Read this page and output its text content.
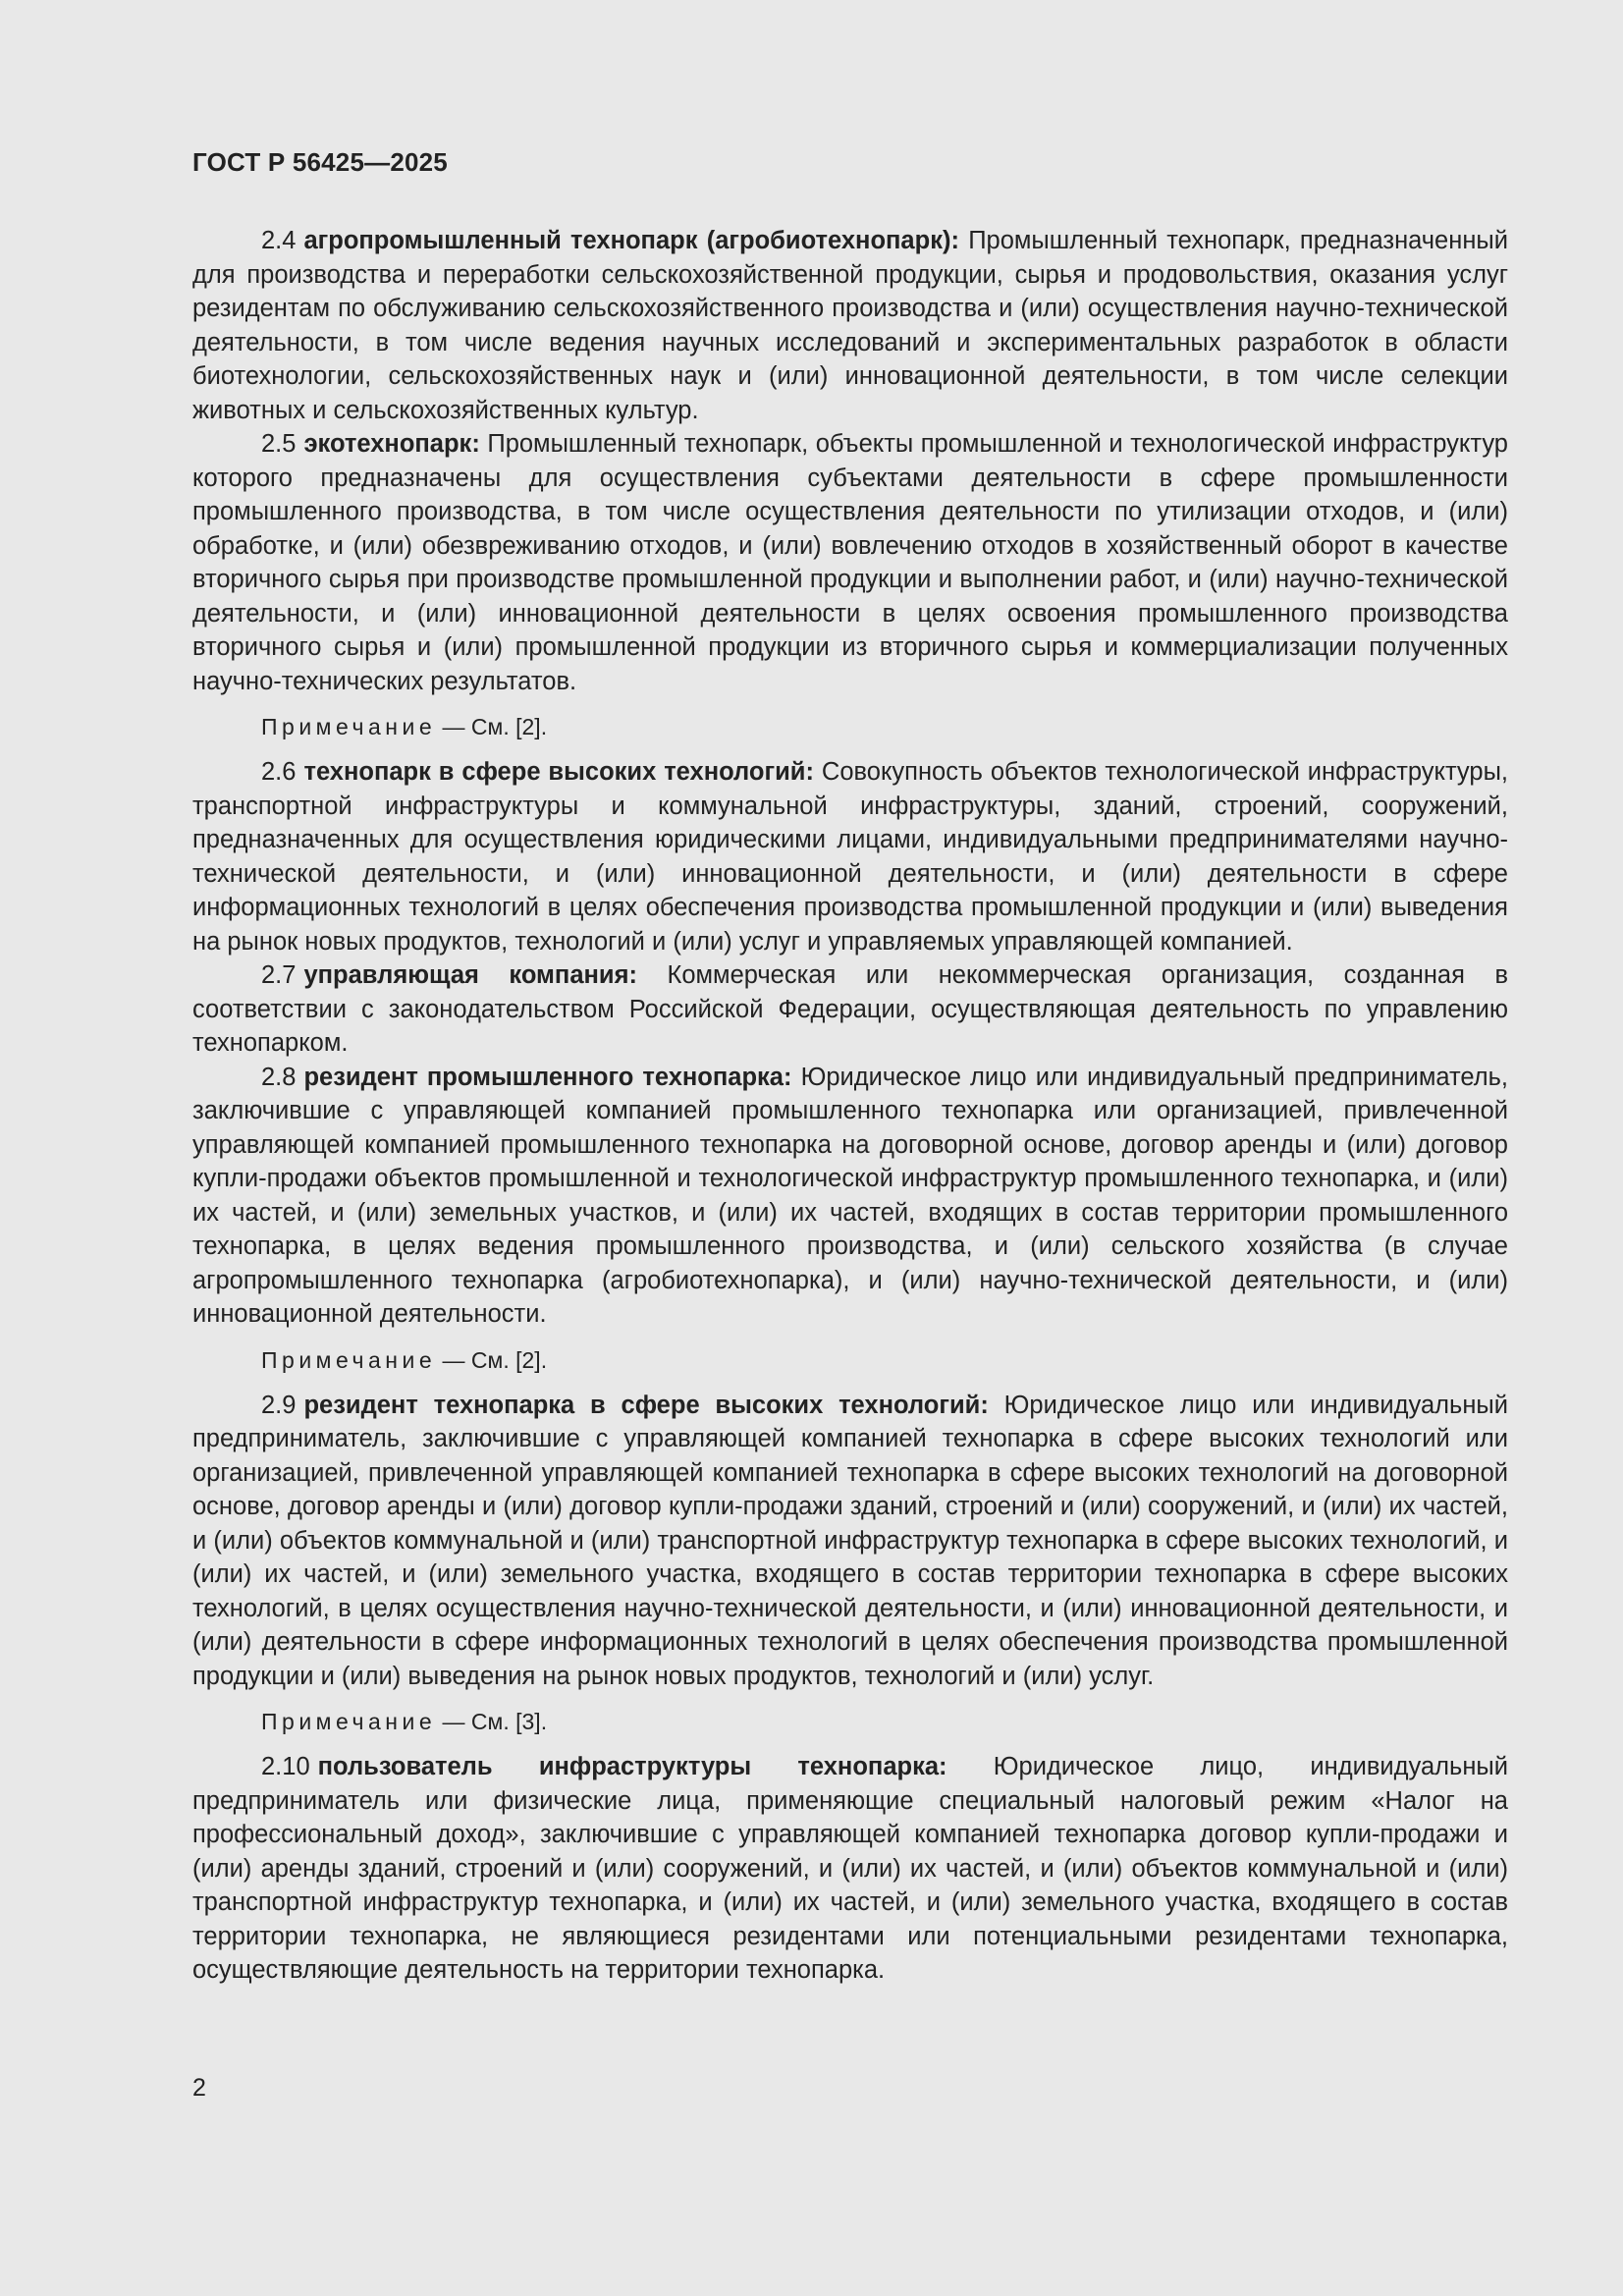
ГОСТ Р 56425—2025

2.4 агропромышленный технопарк (агробиотехнопарк): Промышленный технопарк, предназначенный для производства и переработки сельскохозяйственной продукции, сырья и продовольствия, оказания услуг резидентам по обслуживанию сельскохозяйственного производства и (или) осуществления научно-технической деятельности, в том числе ведения научных исследований и экспериментальных разработок в области биотехнологии, сельскохозяйственных наук и (или) инновационной деятельности, в том числе селекции животных и сельскохозяйственных культур.

2.5 экотехнопарк: Промышленный технопарк, объекты промышленной и технологической инфраструктур которого предназначены для осуществления субъектами деятельности в сфере промышленности промышленного производства, в том числе осуществления деятельности по утилизации отходов, и (или) обработке, и (или) обезвреживанию отходов, и (или) вовлечению отходов в хозяйственный оборот в качестве вторичного сырья при производстве промышленной продукции и выполнении работ, и (или) научно-технической деятельности, и (или) инновационной деятельности в целях освоения промышленного производства вторичного сырья и (или) промышленной продукции из вторичного сырья и коммерциализации полученных научно-технических результатов.

Примечание — См. [2].

2.6 технопарк в сфере высоких технологий: Совокупность объектов технологической инфраструктуры, транспортной инфраструктуры и коммунальной инфраструктуры, зданий, строений, сооружений, предназначенных для осуществления юридическими лицами, индивидуальными предпринимателями научно-технической деятельности, и (или) инновационной деятельности, и (или) деятельности в сфере информационных технологий в целях обеспечения производства промышленной продукции и (или) выведения на рынок новых продуктов, технологий и (или) услуг и управляемых управляющей компанией.

2.7 управляющая компания: Коммерческая или некоммерческая организация, созданная в соответствии с законодательством Российской Федерации, осуществляющая деятельность по управлению технопарком.

2.8 резидент промышленного технопарка: Юридическое лицо или индивидуальный предприниматель, заключившие с управляющей компанией промышленного технопарка или организацией, привлеченной управляющей компанией промышленного технопарка на договорной основе, договор аренды и (или) договор купли-продажи объектов промышленной и технологической инфраструктур промышленного технопарка, и (или) их частей, и (или) земельных участков, и (или) их частей, входящих в состав территории промышленного технопарка, в целях ведения промышленного производства, и (или) сельского хозяйства (в случае агропромышленного технопарка (агробиотехнопарка), и (или) научно-технической деятельности, и (или) инновационной деятельности.

Примечание — См. [2].

2.9 резидент технопарка в сфере высоких технологий: Юридическое лицо или индивидуальный предприниматель, заключившие с управляющей компанией технопарка в сфере высоких технологий или организацией, привлеченной управляющей компанией технопарка в сфере высоких технологий на договорной основе, договор аренды и (или) договор купли-продажи зданий, строений и (или) сооружений, и (или) их частей, и (или) объектов коммунальной и (или) транспортной инфраструктур технопарка в сфере высоких технологий, и (или) их частей, и (или) земельного участка, входящего в состав территории технопарка в сфере высоких технологий, в целях осуществления научно-технической деятельности, и (или) инновационной деятельности, и (или) деятельности в сфере информационных технологий в целях обеспечения производства промышленной продукции и (или) выведения на рынок новых продуктов, технологий и (или) услуг.

Примечание — См. [3].

2.10 пользователь инфраструктуры технопарка: Юридическое лицо, индивидуальный предприниматель или физические лица, применяющие специальный налоговый режим «Налог на профессиональный доход», заключившие с управляющей компанией технопарка договор купли-продажи и (или) аренды зданий, строений и (или) сооружений, и (или) их частей, и (или) объектов коммунальной и (или) транспортной инфраструктур технопарка, и (или) их частей, и (или) земельного участка, входящего в состав территории технопарка, не являющиеся резидентами или потенциальными резидентами технопарка, осуществляющие деятельность на территории технопарка.

2
